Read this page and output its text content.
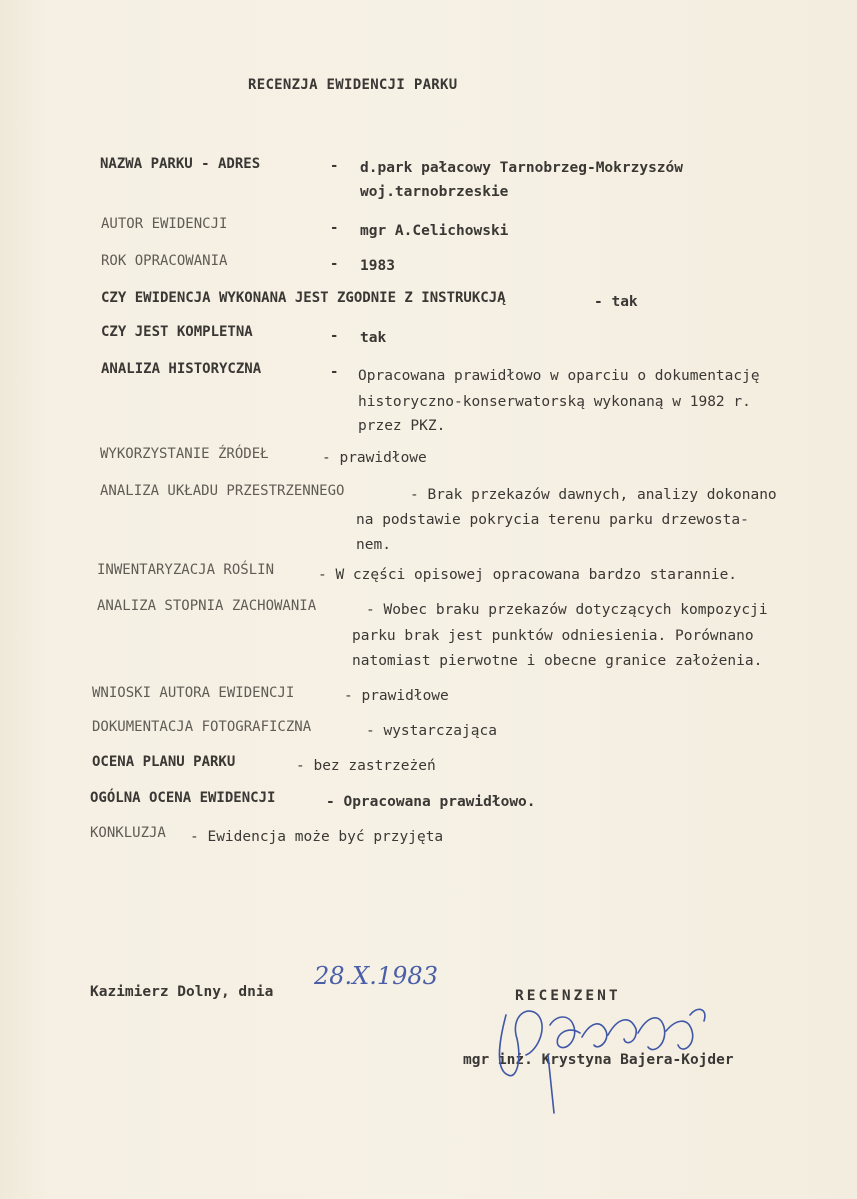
RECENZJA EWIDENCJI PARKU
NAZWA PARKU - ADRES	- d.park pałacowy Tarnobrzeg-Mokrzyszów
woj.tarnobrzeskie
AUTOR EWIDENCJI	- mgr A.Celichowski
ROK OPRACOWANIA	- 1983
CZY EWIDENCJA WYKONANA JEST ZGODNIE Z INSTRUKCJĄ	- tak
CZY JEST KOMPLETNA	- tak
ANALIZA HISTORYCZNA	- Opracowana prawidłowo w oparciu o dokumentację
historyczno-konserwatorską wykonaną w 1982 r.
przez PKZ.
WYKORZYSTANIE ŹRÓDEŁ	- prawidłowe
ANALIZA UKŁADU PRZESTRZENNEGO	- Brak przekazów dawnych, analizy dokonano
na podstawie pokrycia terenu parku drzewosta-
nem.
INWENTARYZACJA ROŚLIN	- W części opisowej opracowana bardzo starannie.
ANALIZA STOPNIA ZACHOWANIA	- Wobec braku przekazów dotyczących kompozycji
parku brak jest punktów odniesienia. Porównano
natomiast pierwotne i obecne granice założenia.
WNIOSKI AUTORA EWIDENCJI	- prawidłowe
DOKUMENTACJA FOTOGRAFICZNA	- wystarczająca
OCENA PLANU PARKU	- bez zastrzeżeń
OGÓLNA OCENA EWIDENCJI	- Opracowana prawidłowo.
KONKLUZJA - Ewidencja może być przyjęta
Kazimierz Dolny, dnia
28.X.1983
RECENZENT
mgr inż. Krystyna Bajera-Kojder
